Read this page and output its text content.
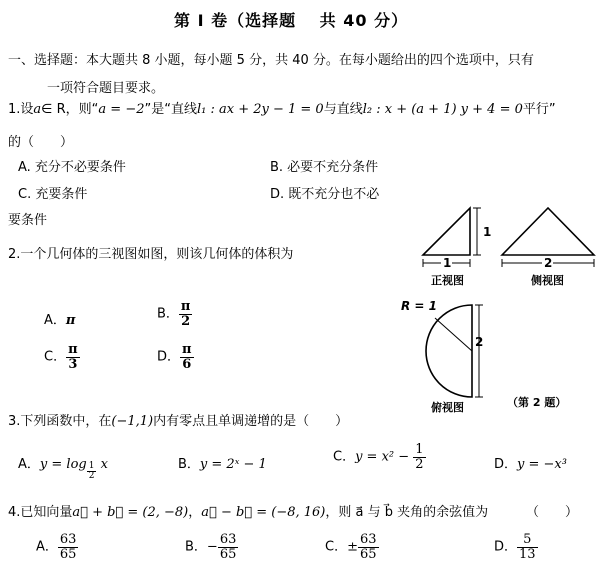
第 I 卷（选择题　 共 40 分）
一、选择题：本大题共 8 小题，每小题 5 分，共 40 分。在每小题给出的四个选项中，只有
一项符合题目要求。
1.设a∈ R，则“a = −2”是“直线l₁ : ax + 2y − 1 = 0与直线l₂ : x + (a + 1) y + 4 = 0平行”
的（　　）
A. 充分不必要条件	B. 必要不充分条件
C. 充要条件	D. 既不充分也不必
要条件
2.一个几何体的三视图如图，则该几何体的体积为
A．π	B． $\frac{\pi}{2}$
C． $\frac{\pi}{3}$	D． $\frac{\pi}{6}$
1
1
正视图
2
侧视图
R = 1
2
俯视图	（第 2 题）
3.下列函数中，在(−1,1)内有零点且单调递增的是（　　）
A．$y = \log \frac{1}{2}$ x	B．y = 2ˣ − 1	C．$y = x^2 - \frac{1}{2}$	D．y = −x³
4.已知向量a⃗ + b⃗ = (2, −8)，a⃗ − b⃗ = (−8, 16)，则 a⃗ 与 b⃗ 夹角的余弦值为	（　　）
A． $\frac{63}{65}$	B．− $\frac{63}{65}$	C．± $\frac{63}{65}$	D． $\frac{5}{13}$
